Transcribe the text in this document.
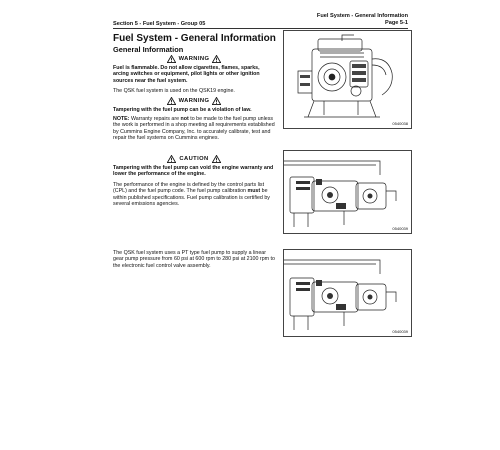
Section 5 - Fuel System - Group 05
Fuel System - General Information
Page 5-1
Fuel System - General Information
General Information
WARNING
Fuel is flammable. Do not allow cigarettes, flames, sparks, arcing switches or equipment, pilot lights or other ignition sources near the fuel system.
The QSK fuel system is used on the QSK19 engine.
WARNING
Tampering with the fuel pump can be a violation of law.
NOTE: Warranty repairs are not to be made to the fuel pump unless the work is performed in a shop meeting all requirements established by Cummins Engine Company, Inc. to accurately calibrate, test and repair the fuel systems on Cummins engines.
CAUTION
Tampering with the fuel pump can void the engine warranty and lower the performance of the engine.
The performance of the engine is defined by the control parts list (CPL) and the fuel pump code. The fuel pump calibration must be within published specifications. Fuel pump calibration is certified by several emissions agencies.
The QSK fuel system uses a PT type fuel pump to supply a linear gear pump pressure from 60 psi at 600 rpm to 280 psi at 2100 rpm to the electronic fuel control valve assembly.
0540038
0540039
0540039
